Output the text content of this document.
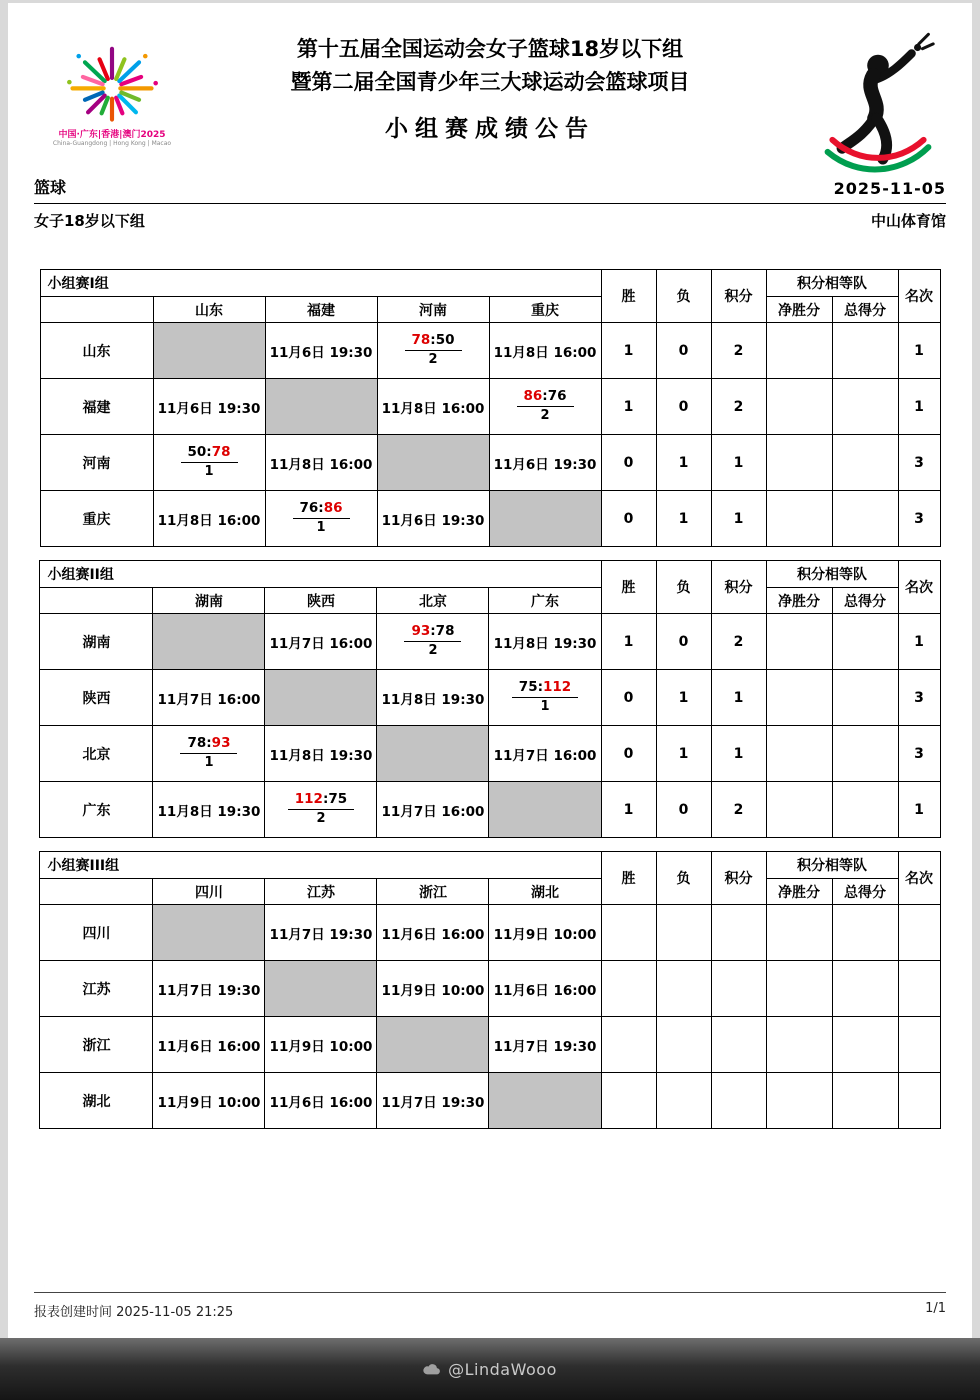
中国·广东|香港|澳门2025
China-Guangdong | Hong Kong | Macao
第十五届全国运动会女子篮球18岁以下组
暨第二届全国青少年三大球运动会篮球项目
小组赛成绩公告
篮球	2025-11-05
女子18岁以下组	中山体育馆
小组赛I组					胜	负	积分	积分相等队		名次
	山东	福建	河南	重庆				净胜分	总得分	
山东		11月6日 19:30	$\frac{78:50}{2}$	11月8日 16:00	1	0	2			1
福建	11月6日 19:30		11月8日 16:00	$\frac{86:76}{2}$	1	0	2			1
河南	$\frac{50:78}{1}$	11月8日 16:00		11月6日 19:30	0	1	1			3
重庆	11月8日 16:00	$\frac{76:86}{1}$	11月6日 19:30		0	1	1			3
小组赛II组					胜	负	积分	积分相等队		名次
	湖南	陕西	北京	广东				净胜分	总得分	
湖南		11月7日 16:00	$\frac{93:78}{2}$	11月8日 19:30	1	0	2			1
陕西	11月7日 16:00		11月8日 19:30	$\frac{75:112}{1}$	0	1	1			3
北京	$\frac{78:93}{1}$	11月8日 19:30		11月7日 16:00	0	1	1			3
广东	11月8日 19:30	$\frac{112:75}{2}$	11月7日 16:00		1	0	2			1
小组赛III组					胜	负	积分	积分相等队		名次
	四川	江苏	浙江	湖北				净胜分	总得分	
四川		11月7日 19:30	11月6日 16:00	11月9日 10:00						
江苏	11月7日 19:30		11月9日 10:00	11月6日 16:00						
浙江	11月6日 16:00	11月9日 10:00		11月7日 19:30						
湖北	11月9日 10:00	11月6日 16:00	11月7日 19:30							
报表创建时间 2025-11-05 21:25	1/1
@LindaWooo
